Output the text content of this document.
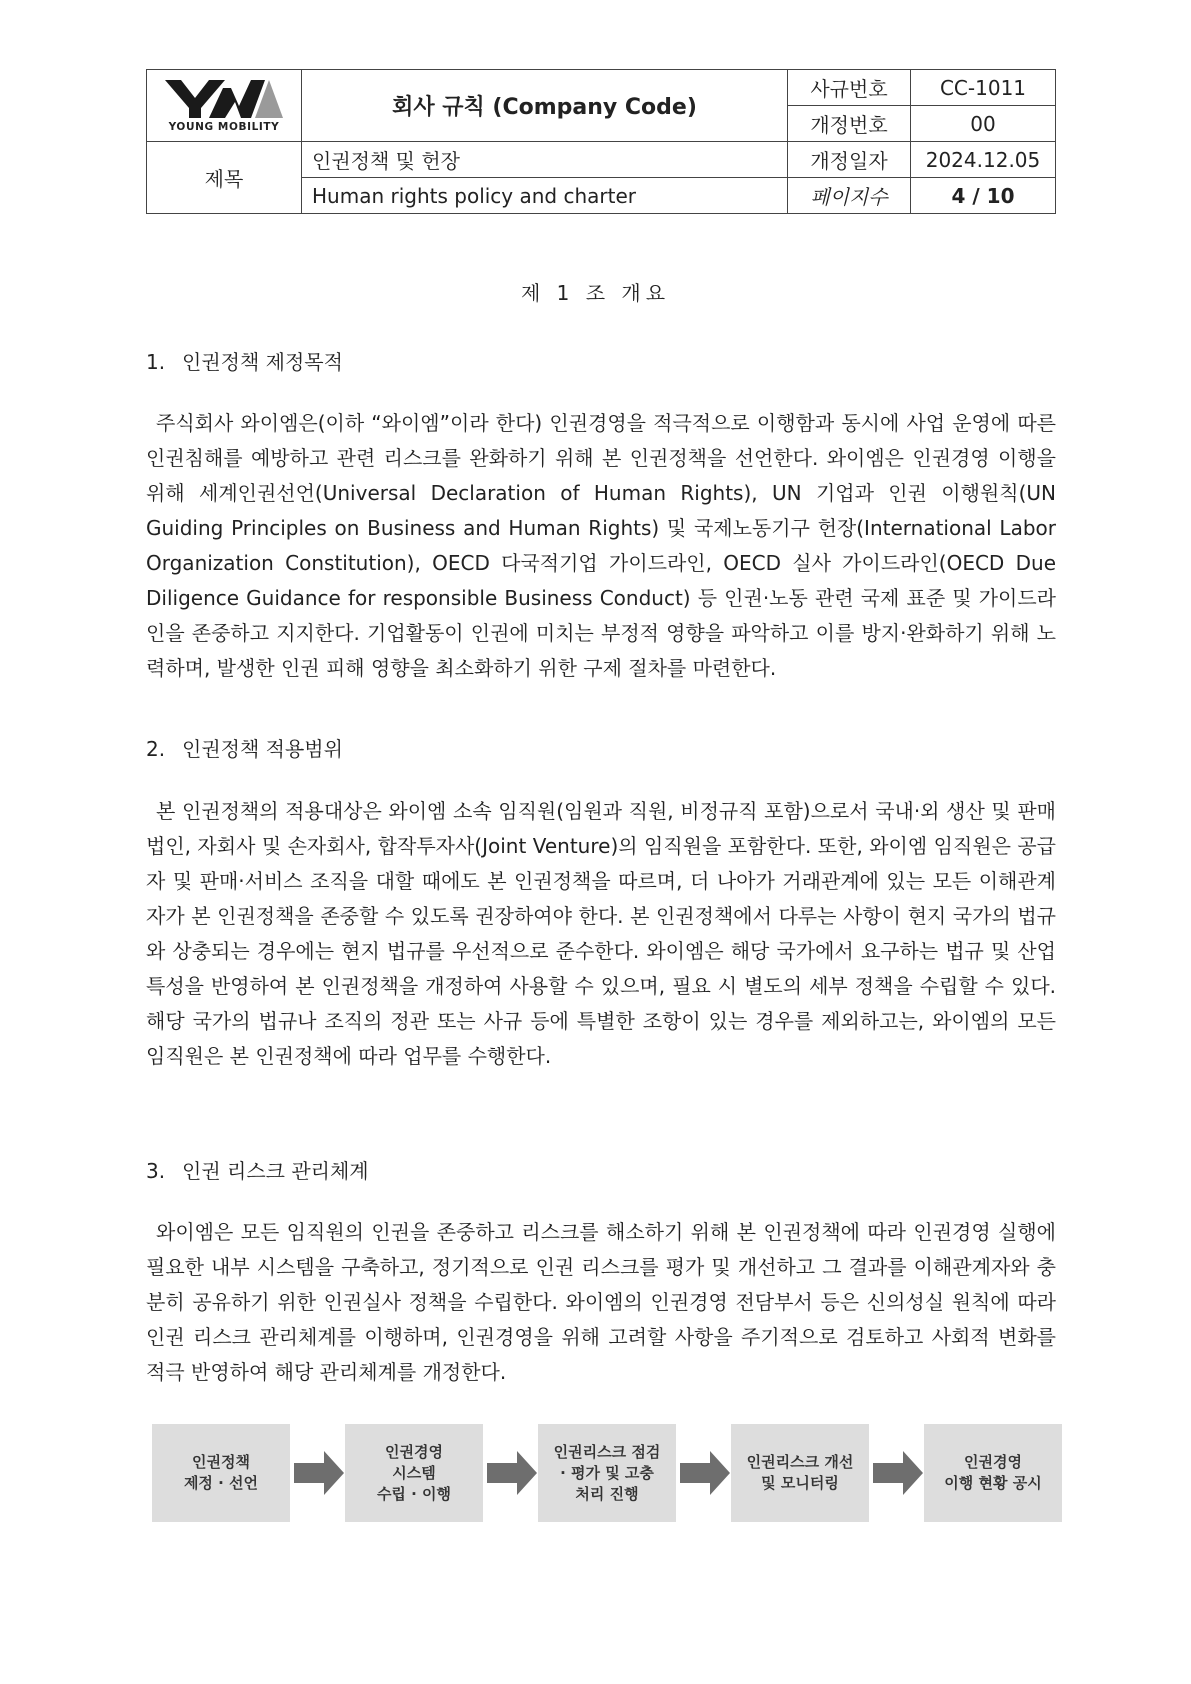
YOUNG MOBILITY	회사 규칙 (Company Code)	사규번호	CC-1011
		개정번호	00
제목	인권정책 및 헌장	개정일자	2024.12.05
	Human rights policy and charter	페이지수	4 / 10
제 1 조 개요
1. 인권정책 제정목적

주식회사 와이엠은(이하 “와이엠”이라 한다) 인권경영을 적극적으로 이행함과 동시에 사업 운영에 따른 인권침해를 예방하고 관련 리스크를 완화하기 위해 본 인권정책을 선언한다. 와이엠은 인권경영 이행을 위해 세계인권선언(Universal Declaration of Human Rights), UN 기업과 인권 이행원칙(UN Guiding Principles on Business and Human Rights) 및 국제노동기구 헌장(International Labor Organization Constitution), OECD 다국적기업 가이드라인, OECD 실사 가이드라인(OECD Due Diligence Guidance for responsible Business Conduct) 등 인권·노동 관련 국제 표준 및 가이드라인을 존중하고 지지한다. 기업활동이 인권에 미치는 부정적 영향을 파악하고 이를 방지·완화하기 위해 노력하며, 발생한 인권 피해 영향을 최소화하기 위한 구제 절차를 마련한다.

2. 인권정책 적용범위

본 인권정책의 적용대상은 와이엠 소속 임직원(임원과 직원, 비정규직 포함)으로서 국내·외 생산 및 판매법인, 자회사 및 손자회사, 합작투자사(Joint Venture)의 임직원을 포함한다. 또한, 와이엠 임직원은 공급자 및 판매·서비스 조직을 대할 때에도 본 인권정책을 따르며, 더 나아가 거래관계에 있는 모든 이해관계자가 본 인권정책을 존중할 수 있도록 권장하여야 한다. 본 인권정책에서 다루는 사항이 현지 국가의 법규와 상충되는 경우에는 현지 법규를 우선적으로 준수한다. 와이엠은 해당 국가에서 요구하는 법규 및 산업 특성을 반영하여 본 인권정책을 개정하여 사용할 수 있으며, 필요 시 별도의 세부 정책을 수립할 수 있다. 해당 국가의 법규나 조직의 정관 또는 사규 등에 특별한 조항이 있는 경우를 제외하고는, 와이엠의 모든 임직원은 본 인권정책에 따라 업무를 수행한다.

3. 인권 리스크 관리체계

와이엠은 모든 임직원의 인권을 존중하고 리스크를 해소하기 위해 본 인권정책에 따라 인권경영 실행에 필요한 내부 시스템을 구축하고, 정기적으로 인권 리스크를 평가 및 개선하고 그 결과를 이해관계자와 충분히 공유하기 위한 인권실사 정책을 수립한다. 와이엠의 인권경영 전담부서 등은 신의성실 원칙에 따라 인권 리스크 관리체계를 이행하며, 인권경영을 위해 고려할 사항을 주기적으로 검토하고 사회적 변화를 적극 반영하여 해당 관리체계를 개정한다.

인권정책
제정 · 선언
인권경영
시스템
수립 · 이행
인권리스크 점검
· 평가 및 고충
처리 진행
인권리스크 개선
및 모니터링
인권경영
이행 현황 공시
